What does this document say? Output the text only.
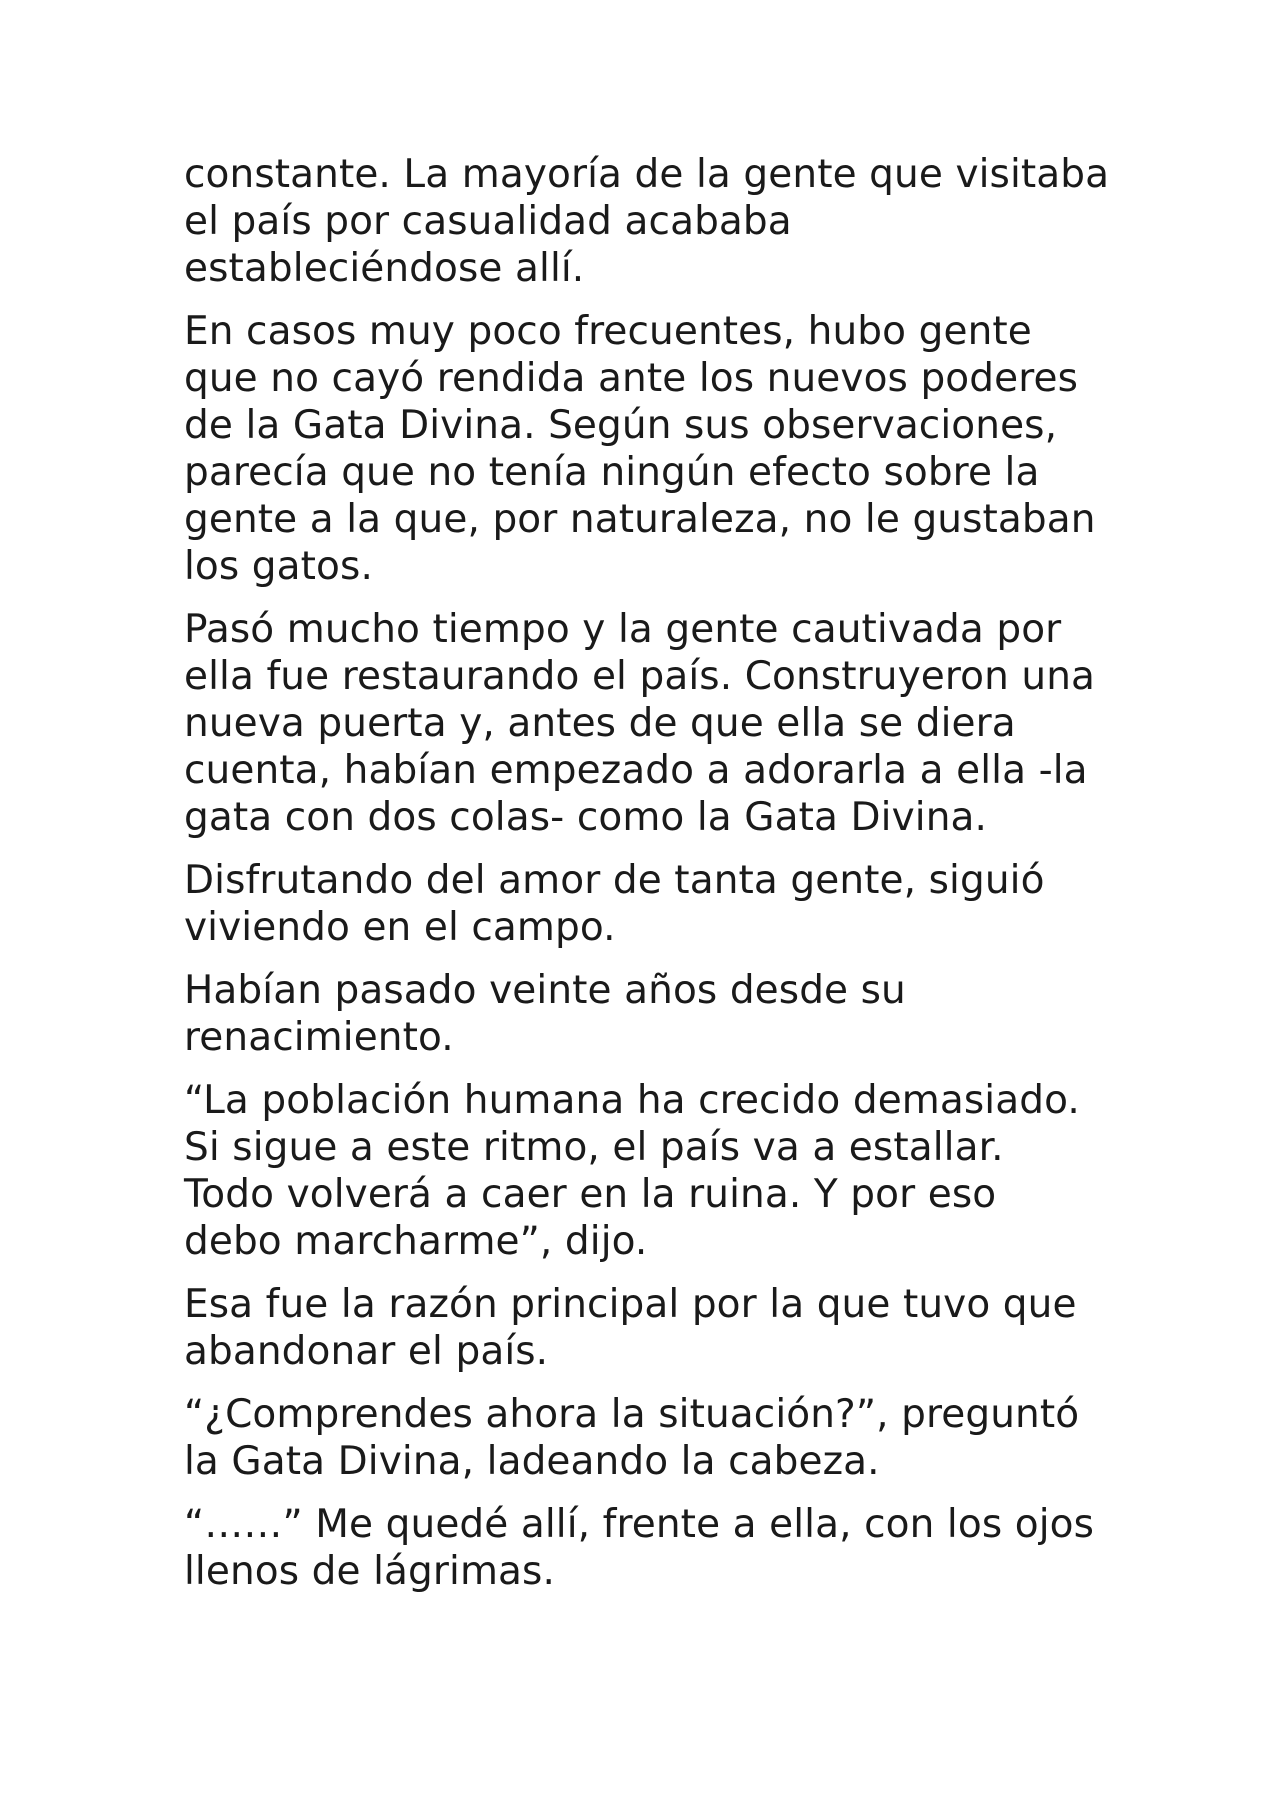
constante. La mayoría de la gente que visitaba
el país por casualidad acababa
estableciéndose allí.

En casos muy poco frecuentes, hubo gente
que no cayó rendida ante los nuevos poderes
de la Gata Divina. Según sus observaciones,
parecía que no tenía ningún efecto sobre la
gente a la que, por naturaleza, no le gustaban
los gatos.

Pasó mucho tiempo y la gente cautivada por
ella fue restaurando el país. Construyeron una
nueva puerta y, antes de que ella se diera
cuenta, habían empezado a adorarla a ella -la
gata con dos colas- como la Gata Divina.

Disfrutando del amor de tanta gente, siguió
viviendo en el campo.

Habían pasado veinte años desde su
renacimiento.

“La población humana ha crecido demasiado.
Si sigue a este ritmo, el país va a estallar.
Todo volverá a caer en la ruina. Y por eso
debo marcharme”, dijo.

Esa fue la razón principal por la que tuvo que
abandonar el país.

“¿Comprendes ahora la situación?”, preguntó
la Gata Divina, ladeando la cabeza.

“……” Me quedé allí, frente a ella, con los ojos
llenos de lágrimas.
